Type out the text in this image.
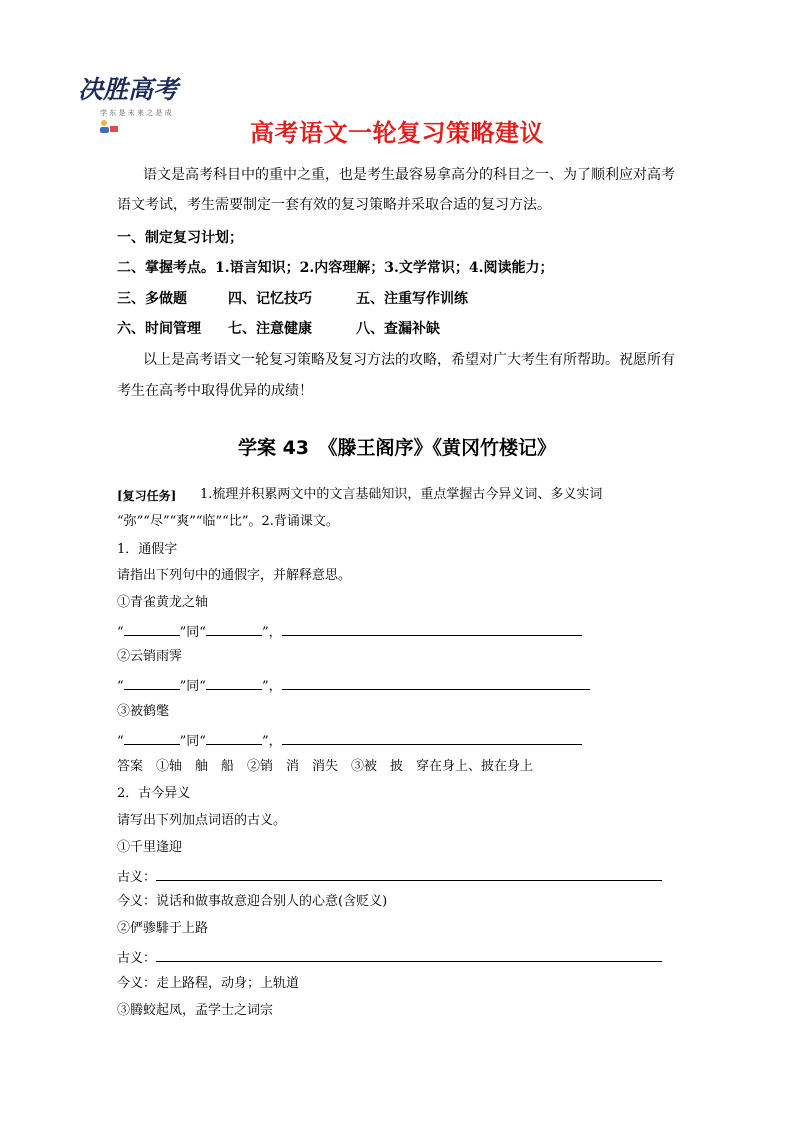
决胜高考
学 东 是 未 来 之 是 成
高考语文一轮复习策略建议
语文是高考科目中的重中之重，也是考生最容易拿高分的科目之一、为了顺利应对高考
语文考试，考生需要制定一套有效的复习策略并采取合适的复习方法。
一、制定复习计划；
二、掌握考点。1.语言知识；2.内容理解；3.文学常识；4.阅读能力；
三、多做题	四、记忆技巧	五、注重写作训练
六、时间管理 七、注意健康	八、查漏补缺
以上是高考语文一轮复习策略及复习方法的攻略，希望对广大考生有所帮助。祝愿所有
考生在高考中取得优异的成绩！
学案 43　《滕王阁序》《黄冈竹楼记》
[复习任务] 1.梳理并积累两文中的文言基础知识，重点掌握古今异义词、多义实词
“弥”“尽”“爽”“临”“比”。2.背诵课文。
1．通假字
请指出下列句中的通假字，并解释意思。
①青雀黄龙之轴
“	”同“	”，
②云销雨霁
“	”同“	”，
③被鹤氅
“	”同“	”，
答案　①轴　舳　船　②销　消　消失　③被　披　穿在身上、披在身上
2．古今异义
请写出下列加点词语的古义。
①千里逢迎
古义：
今义：说话和做事故意迎合别人的心意(含贬义)
②俨骖騑于上路
古义：
今义：走上路程，动身；上轨道
③腾蛟起凤，孟学士之词宗
